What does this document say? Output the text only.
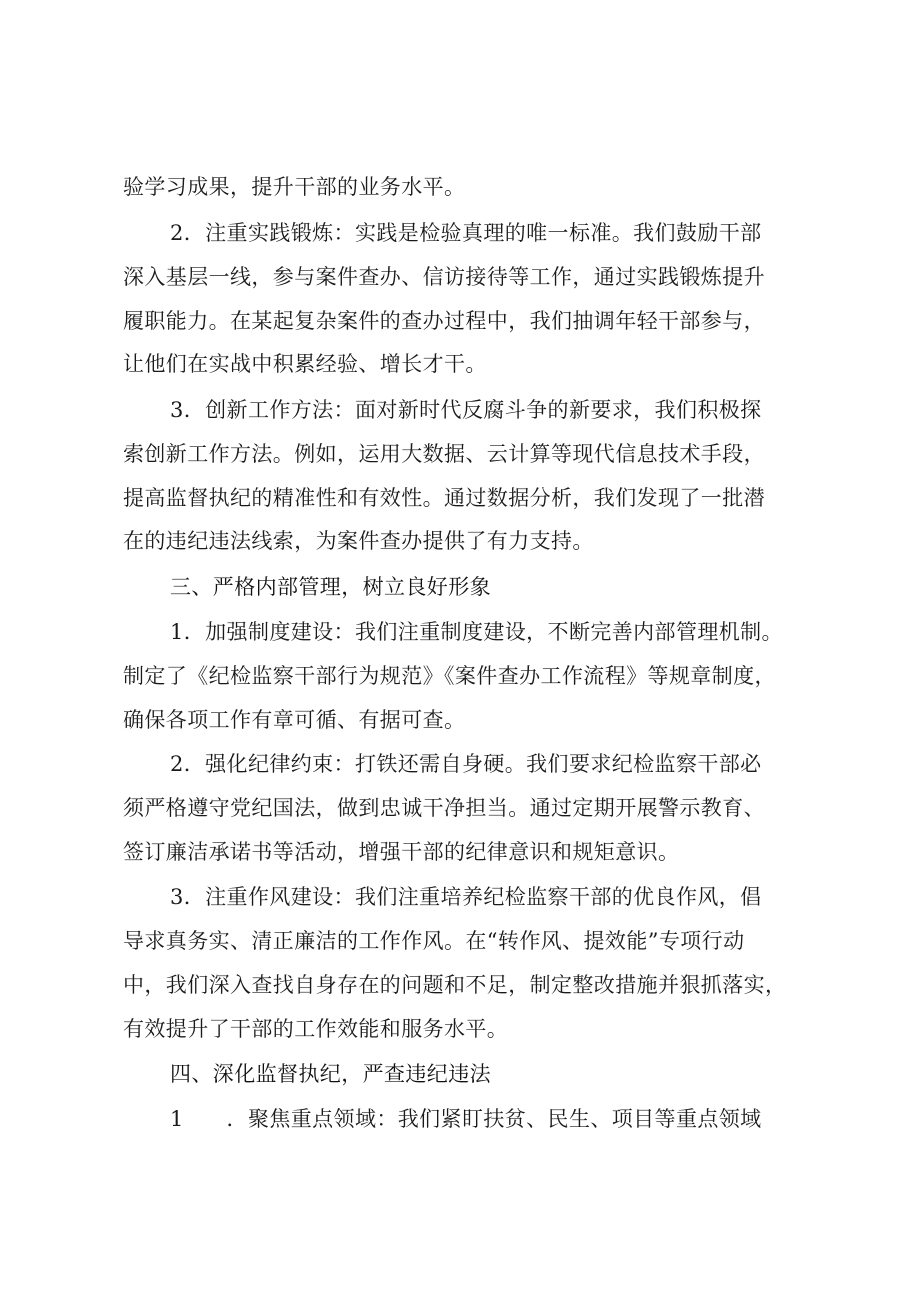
验学习成果，提升干部的业务水平。
2．注重实践锻炼：实践是检验真理的唯一标准。我们鼓励干部
深入基层一线，参与案件查办、信访接待等工作，通过实践锻炼提升
履职能力。在某起复杂案件的查办过程中，我们抽调年轻干部参与，
让他们在实战中积累经验、增长才干。
3．创新工作方法：面对新时代反腐斗争的新要求，我们积极探
索创新工作方法。例如，运用大数据、云计算等现代信息技术手段，
提高监督执纪的精准性和有效性。通过数据分析，我们发现了一批潜
在的违纪违法线索，为案件查办提供了有力支持。
三、严格内部管理，树立良好形象
1．加强制度建设：我们注重制度建设，不断完善内部管理机制。
制定了《纪检监察干部行为规范》《案件查办工作流程》等规章制度，
确保各项工作有章可循、有据可查。
2．强化纪律约束：打铁还需自身硬。我们要求纪检监察干部必
须严格遵守党纪国法，做到忠诚干净担当。通过定期开展警示教育、
签订廉洁承诺书等活动，增强干部的纪律意识和规矩意识。
3．注重作风建设：我们注重培养纪检监察干部的优良作风，倡
导求真务实、清正廉洁的工作作风。在“转作风、提效能”专项行动
中，我们深入查找自身存在的问题和不足，制定整改措施并狠抓落实，
有效提升了干部的工作效能和服务水平。
四、深化监督执纪，严查违纪违法
1　　．聚焦重点领域：我们紧盯扶贫、民生、项目等重点领域
